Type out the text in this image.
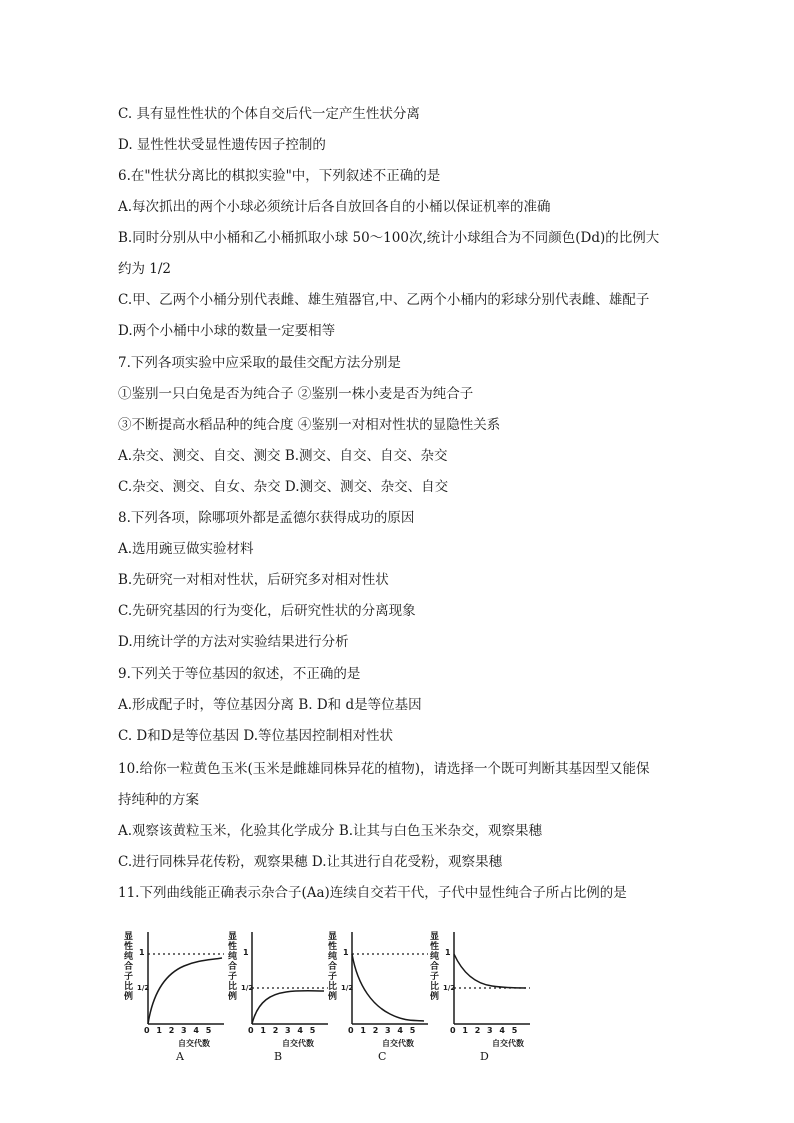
C. 具有显性性状的个体自交后代一定产生性状分离
D. 显性性状受显性遗传因子控制的
6.在"性状分离比的棋拟实验"中，下列叙述不正确的是
A.每次抓出的两个小球必须统计后各自放回各自的小桶以保证机率的准确
B.同时分别从中小桶和乙小桶抓取小球 50～100次,统计小球组合为不同颜色(Dd)的比例大
约为 1/2
C.甲、乙两个小桶分别代表雌、雄生殖器官,中、乙两个小桶内的彩球分别代表雌、雄配子
D.两个小桶中小球的数量一定要相等
7.下列各项实验中应采取的最佳交配方法分别是
①鉴别一只白兔是否为纯合子 ②鉴别一株小麦是否为纯合子
③不断提高水稻品种的纯合度 ④鉴别一对相对性状的显隐性关系
A.杂交、测交、自交、测交 B.测交、自交、自交、杂交
C.杂交、测交、自女、杂交 D.测交、测交、杂交、自交
8.下列各项，除哪项外都是孟德尔获得成功的原因
A.选用豌豆做实验材料
B.先研究一对相对性状，后研究多对相对性状
C.先研究基因的行为变化，后研究性状的分离现象
D.用统计学的方法对实验结果进行分析
9.下列关于等位基因的叙述，不正确的是
A.形成配子时，等位基因分离 B. D和 d是等位基因
C. D和D是等位基因 D.等位基因控制相对性状
10.给你一粒黄色玉米(玉米是雌雄同株异花的植物)，请选择一个既可判断其基因型又能保
持纯种的方案
A.观察该黄粒玉米，化验其化学成分 B.让其与白色玉米杂交，观察果穗
C.进行同株异花传粉，观察果穗 D.让其进行自花受粉，观察果穗
11.下列曲线能正确表示杂合子(Aa)连续自交若干代，子代中显性纯合子所占比例的是
显性纯合子比例
1
1/2
0 1 2 3 4 5
自交代数
A
显性纯合子比例
1
1/2
0 1 2 3 4 5
自交代数
B
显性纯合子比例
1
1/2
0 1 2 3 4 5
自交代数
C
显性纯合子比例
1
1/2
0 1 2 3 4 5
自交代数
D
